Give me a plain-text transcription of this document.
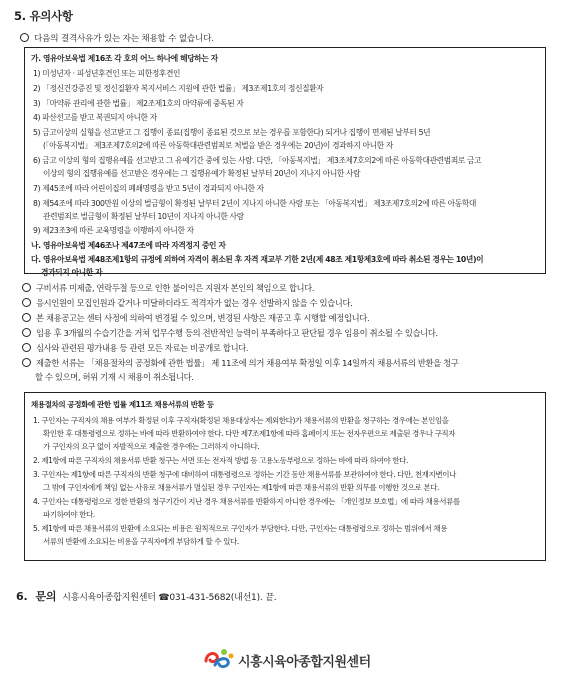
5. 유의사항
다음의 결격사유가 있는 자는 채용할 수 없습니다.
가. 영유아보육법 제16조 각 호의 어느 하나에 해당하는 자
1) 미성년자 · 피성년후견인 또는 피한정후견인
2) 「정신건강증진 및 정신질환자 복지서비스 지원에 관한 법률」 제3조제1호의 정신질환자
3) 「마약류 관리에 관한 법률」 제2조제1호의 마약류에 중독된 자
4) 파산선고를 받고 복권되지 아니한 자
5) 금고이상의 실형을 선고받고 그 집행이 종료(집행이 종료된 것으로 보는 경우를 포함한다) 되거나 집행이 면제된 날부터 5년
(「아동복지법」 제3조제7호의2에 따른 아동학대관련범죄로 처벌을 받은 경우에는 20년)이 경과하지 아니한 자
6) 금고 이상의 형의 집행유예를 선고받고 그 유예기간 중에 있는 사람. 다만, 「아동복지법」 제3조제7호의2에 따른 아동학대관련범죄로 금고
이상의 형의 집행유예를 선고받은 경우에는 그 집행유예가 확정된 날부터 20년이 지나지 아니한 사람
7) 제45조에 따라 어린이집의 폐쇄명령을 받고 5년이 경과되지 아니한 자
8) 제54조에 따라 300만원 이상의 벌금형이 확정된 날부터 2년이 지나지 아니한 사람 또는 「아동복지법」 제3조제7호의2에 따른 아동학대
관련범죄로 벌금형이 확정된 날부터 10년이 지나지 아니한 사람
9) 제23조3에 따른 교육명령을 이행하지 아니한 자
나. 영유아보육법 제46조나 제47조에 따라 자격정지 중인 자
다. 영유아보육법 제48조제1항의 규정에 의하여 자격이 취소된 후 자격 재교부 기한 2년(제 48조 제1항제3호에 따라 취소된 경우는 10년)이
경과되지 아니한 자
구비서류 미제출, 연락두절 등으로 인한 불이익은 지원자 본인의 책임으로 합니다.
응시인원이 모집인원과 같거나 미달하더라도 적격자가 없는 경우 선발하지 않을 수 있습니다.
본 채용공고는 센터 사정에 의하여 변경될 수 있으며, 변경된 사항은 재공고 후 시행할 예정입니다.
임용 후 3개월의 수습기간을 거쳐 업무수행 등의 전반적인 능력이 부족하다고 판단될 경우 임용이 취소될 수 있습니다.
심사와 관련된 평가내용 등 관련 모든 자료는 비공개로 합니다.
제출한 서류는 「채용절차의 공정화에 관한 법률」 제 11조에 의거 채용여부 확정일 이후 14일까지 채용서류의 반환을 청구
할 수 있으며, 허위 기재 시 채용이 취소됩니다.
채용절차의 공정화에 관한 법률 제11조 채용서류의 반환 등
1. 구인자는 구직자의 채용 여부가 확정된 이후 구직자(확정된 채용대상자는 제외한다)가 채용서류의 반환을 청구하는 경우에는 본인임을
확인한 후 대통령령으로 정하는 바에 따라 반환하여야 한다. 다만 제7조제1항에 따라 홈페이지 또는 전자우편으로 제출된 경우나 구직자
가 구인자의 요구 없이 자발적으로 제출한 경우에는 그러하지 아니하다.
2. 제1항에 따른 구직자의 채용서류 반환 청구는 서면 또는 전자적 방법 등 고용노동부령으로 정하는 바에 따라 하여야 한다.
3. 구인자는 제1항에 따른 구직자의 반환 청구에 대비하여 대통령령으로 정하는 기간 동안 채용서류를 보관하여야 한다. 다만, 천재지변이나
그 밖에 구인자에게 책임 없는 사유로 채용서류가 멸실된 경우 구인자는 제1항에 따른 채용서류의 반환 의무를 이행한 것으로 본다.
4. 구인자는 대통령령으로 정한 반환의 청구기간이 지난 경우 채용서류를 반환하지 아니한 경우에는 「개인정보 보호법」에 따라 채용서류를
파기하여야 한다.
5. 제1항에 따른 채용서류의 반환에 소요되는 비용은 원칙적으로 구인자가 부담한다. 다만, 구인자는 대통령령으로 정하는 범위에서 채용
서류의 반환에 소요되는 비용을 구직자에게 부담하게 할 수 있다.
6. 문의 시흥시육아종합지원센터 ☎031-431-5682(내선1). 끝.
시흥시육아종합지원센터
